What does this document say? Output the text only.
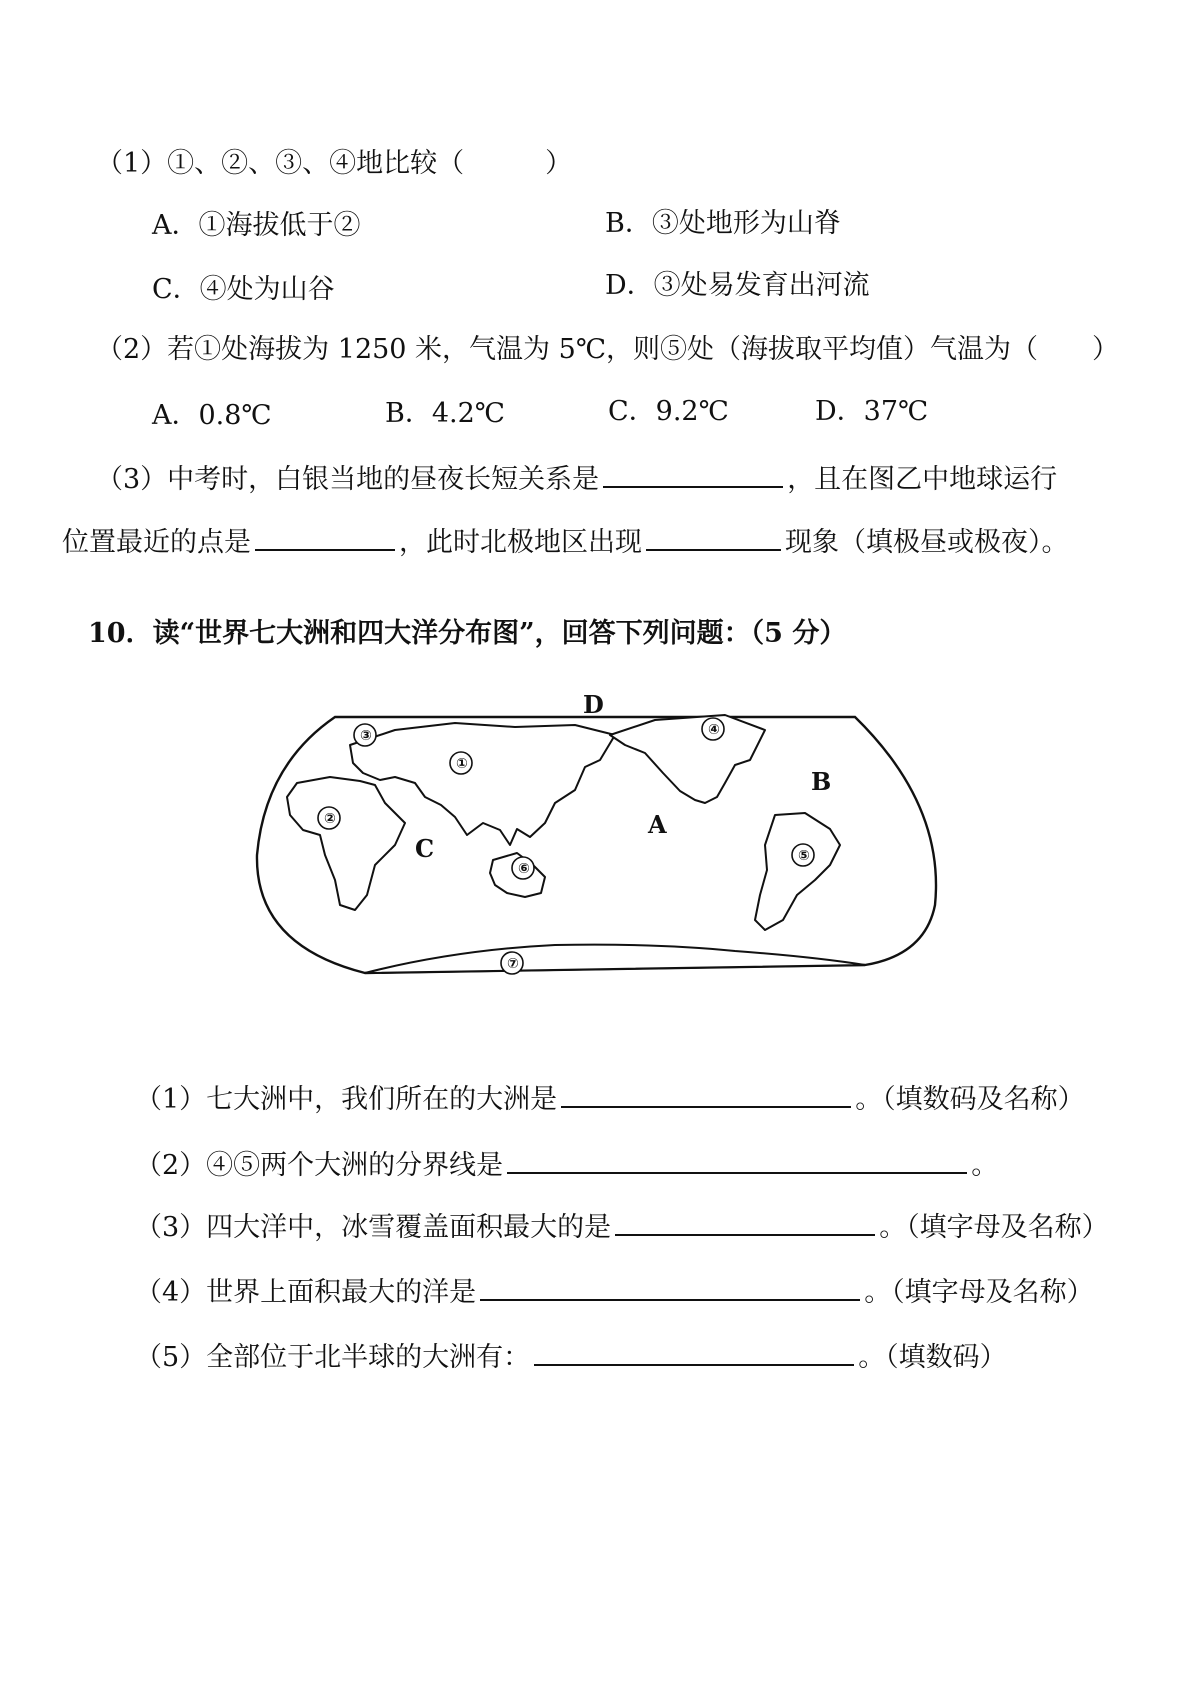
（1）①、②、③、④地比较（　　　）
A．①海拔低于②	B．③处地形为山脊
C．④处为山谷	D．③处易发育出河流
（2）若①处海拔为 1250 米，气温为 5℃，则⑤处（海拔取平均值）气温为（　　）
A．0.8℃	B．4.2℃	C．9.2℃	D．37℃
（3）中考时，白银当地的昼夜长短关系是	，且在图乙中地球运行
位置最近的点是	，此时北极地区出现	现象（填极昼或极夜）。
10．读“世界七大洲和四大洋分布图”，回答下列问题：（5 分）
D
A
B
C
①
②
③	④
⑤
⑥
⑦
（1）七大洲中，我们所在的大洲是	。（填数码及名称）
（2）④⑤两个大洲的分界线是	。
（3）四大洋中，冰雪覆盖面积最大的是	。（填字母及名称）
（4）世界上面积最大的洋是	。（填字母及名称）
（5）全部位于北半球的大洲有：	。（填数码）
